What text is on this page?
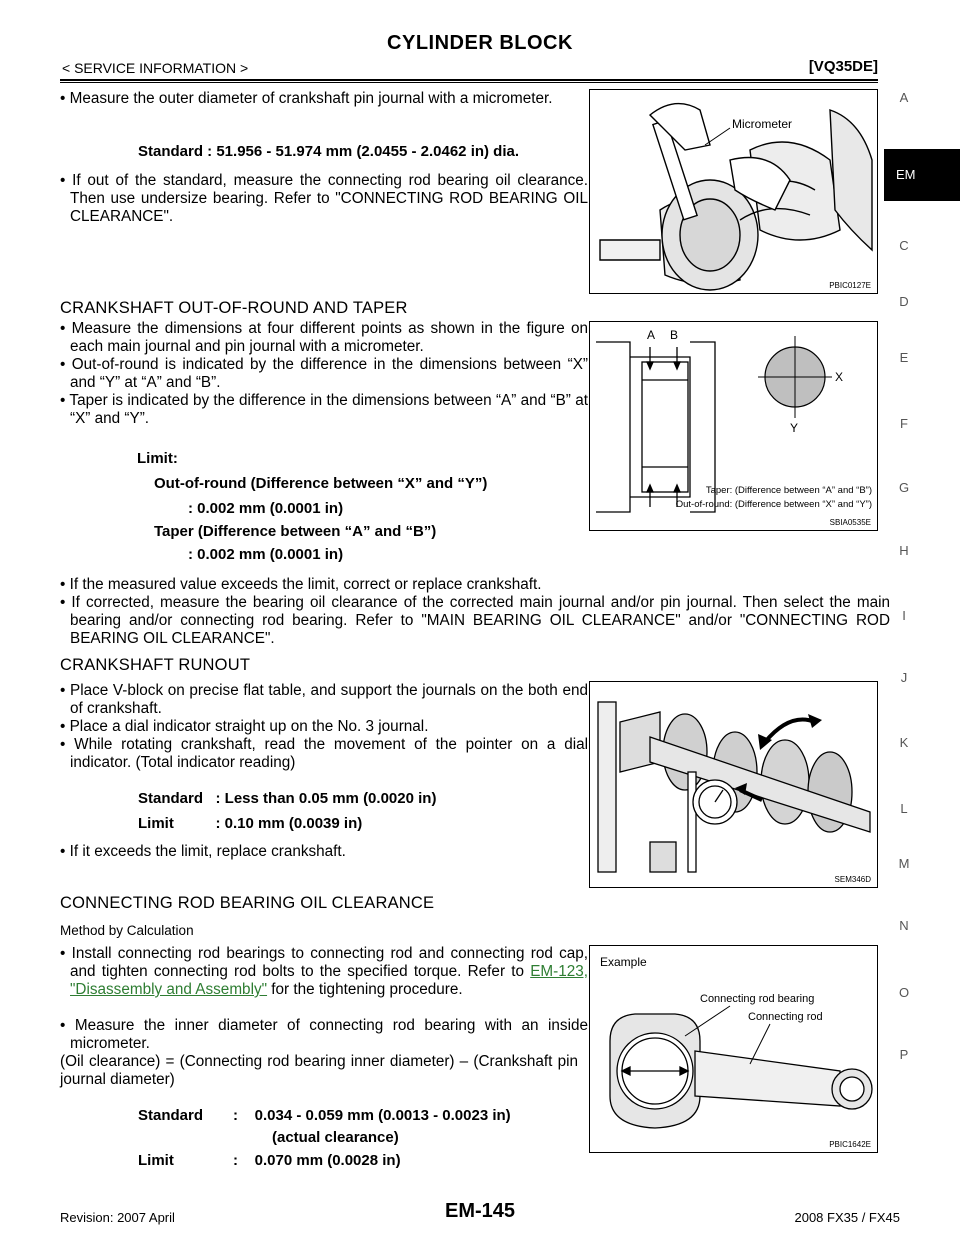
CYLINDER BLOCK
< SERVICE INFORMATION >	[VQ35DE]
• Measure the outer diameter of crankshaft pin journal with a micrometer.
Standard : 51.956 - 51.974 mm (2.0455 - 2.0462 in) dia.
• If out of the standard, measure the connecting rod bearing oil clearance. Then use undersize bearing. Refer to "CONNECTING ROD BEARING OIL CLEARANCE".
Micrometer
PBIC0127E
CRANKSHAFT OUT-OF-ROUND AND TAPER
• Measure the dimensions at four different points as shown in the figure on each main journal and pin journal with a micrometer.
• Out-of-round is indicated by the difference in the dimensions between “X” and “Y” at “A” and “B”.
• Taper is indicated by the difference in the dimensions between “A” and “B” at “X” and “Y”.
Limit:
Out-of-round (Difference between “X” and “Y”)
: 0.002 mm (0.0001 in)
Taper (Difference between “A” and “B”)
: 0.002 mm (0.0001 in)
A B
X
Y
Taper: (Difference between “A” and “B”)
Out-of-round: (Difference between “X” and “Y”)
SBIA0535E
• If the measured value exceeds the limit, correct or replace crankshaft.
• If corrected, measure the bearing oil clearance of the corrected main journal and/or pin journal. Then select the main bearing and/or connecting rod bearing. Refer to "MAIN BEARING OIL CLEARANCE" and/or "CONNECTING ROD BEARING OIL CLEARANCE".
CRANKSHAFT RUNOUT
• Place V-block on precise flat table, and support the journals on the both end of crankshaft.
• Place a dial indicator straight up on the No. 3 journal.
• While rotating crankshaft, read the movement of the pointer on a dial indicator. (Total indicator reading)
Standard   : Less than 0.05 mm (0.0020 in)
Limit          : 0.10 mm (0.0039 in)
• If it exceeds the limit, replace crankshaft.
SEM346D
CONNECTING ROD BEARING OIL CLEARANCE
Method by Calculation
• Install connecting rod bearings to connecting rod and connecting rod cap, and tighten connecting rod bolts to the specified torque. Refer to EM-123, "Disassembly and Assembly" for the tightening procedure.
• Measure the inner diameter of connecting rod bearing with an inside micrometer.
(Oil clearance) = (Connecting rod bearing inner diameter) – (Crankshaft pin journal diameter)
Standard :    0.034 - 0.059 mm (0.0013 - 0.0023 in)
(actual clearance)
Limit	:    0.070 mm (0.0028 in)
Example
Connecting rod bearing
Connecting rod
PBIC1642E
A
EM
C
D
E
F
G
H
I
J
K
L
M
N
O
P
EM-145
Revision: 2007 April	2008 FX35 / FX45
